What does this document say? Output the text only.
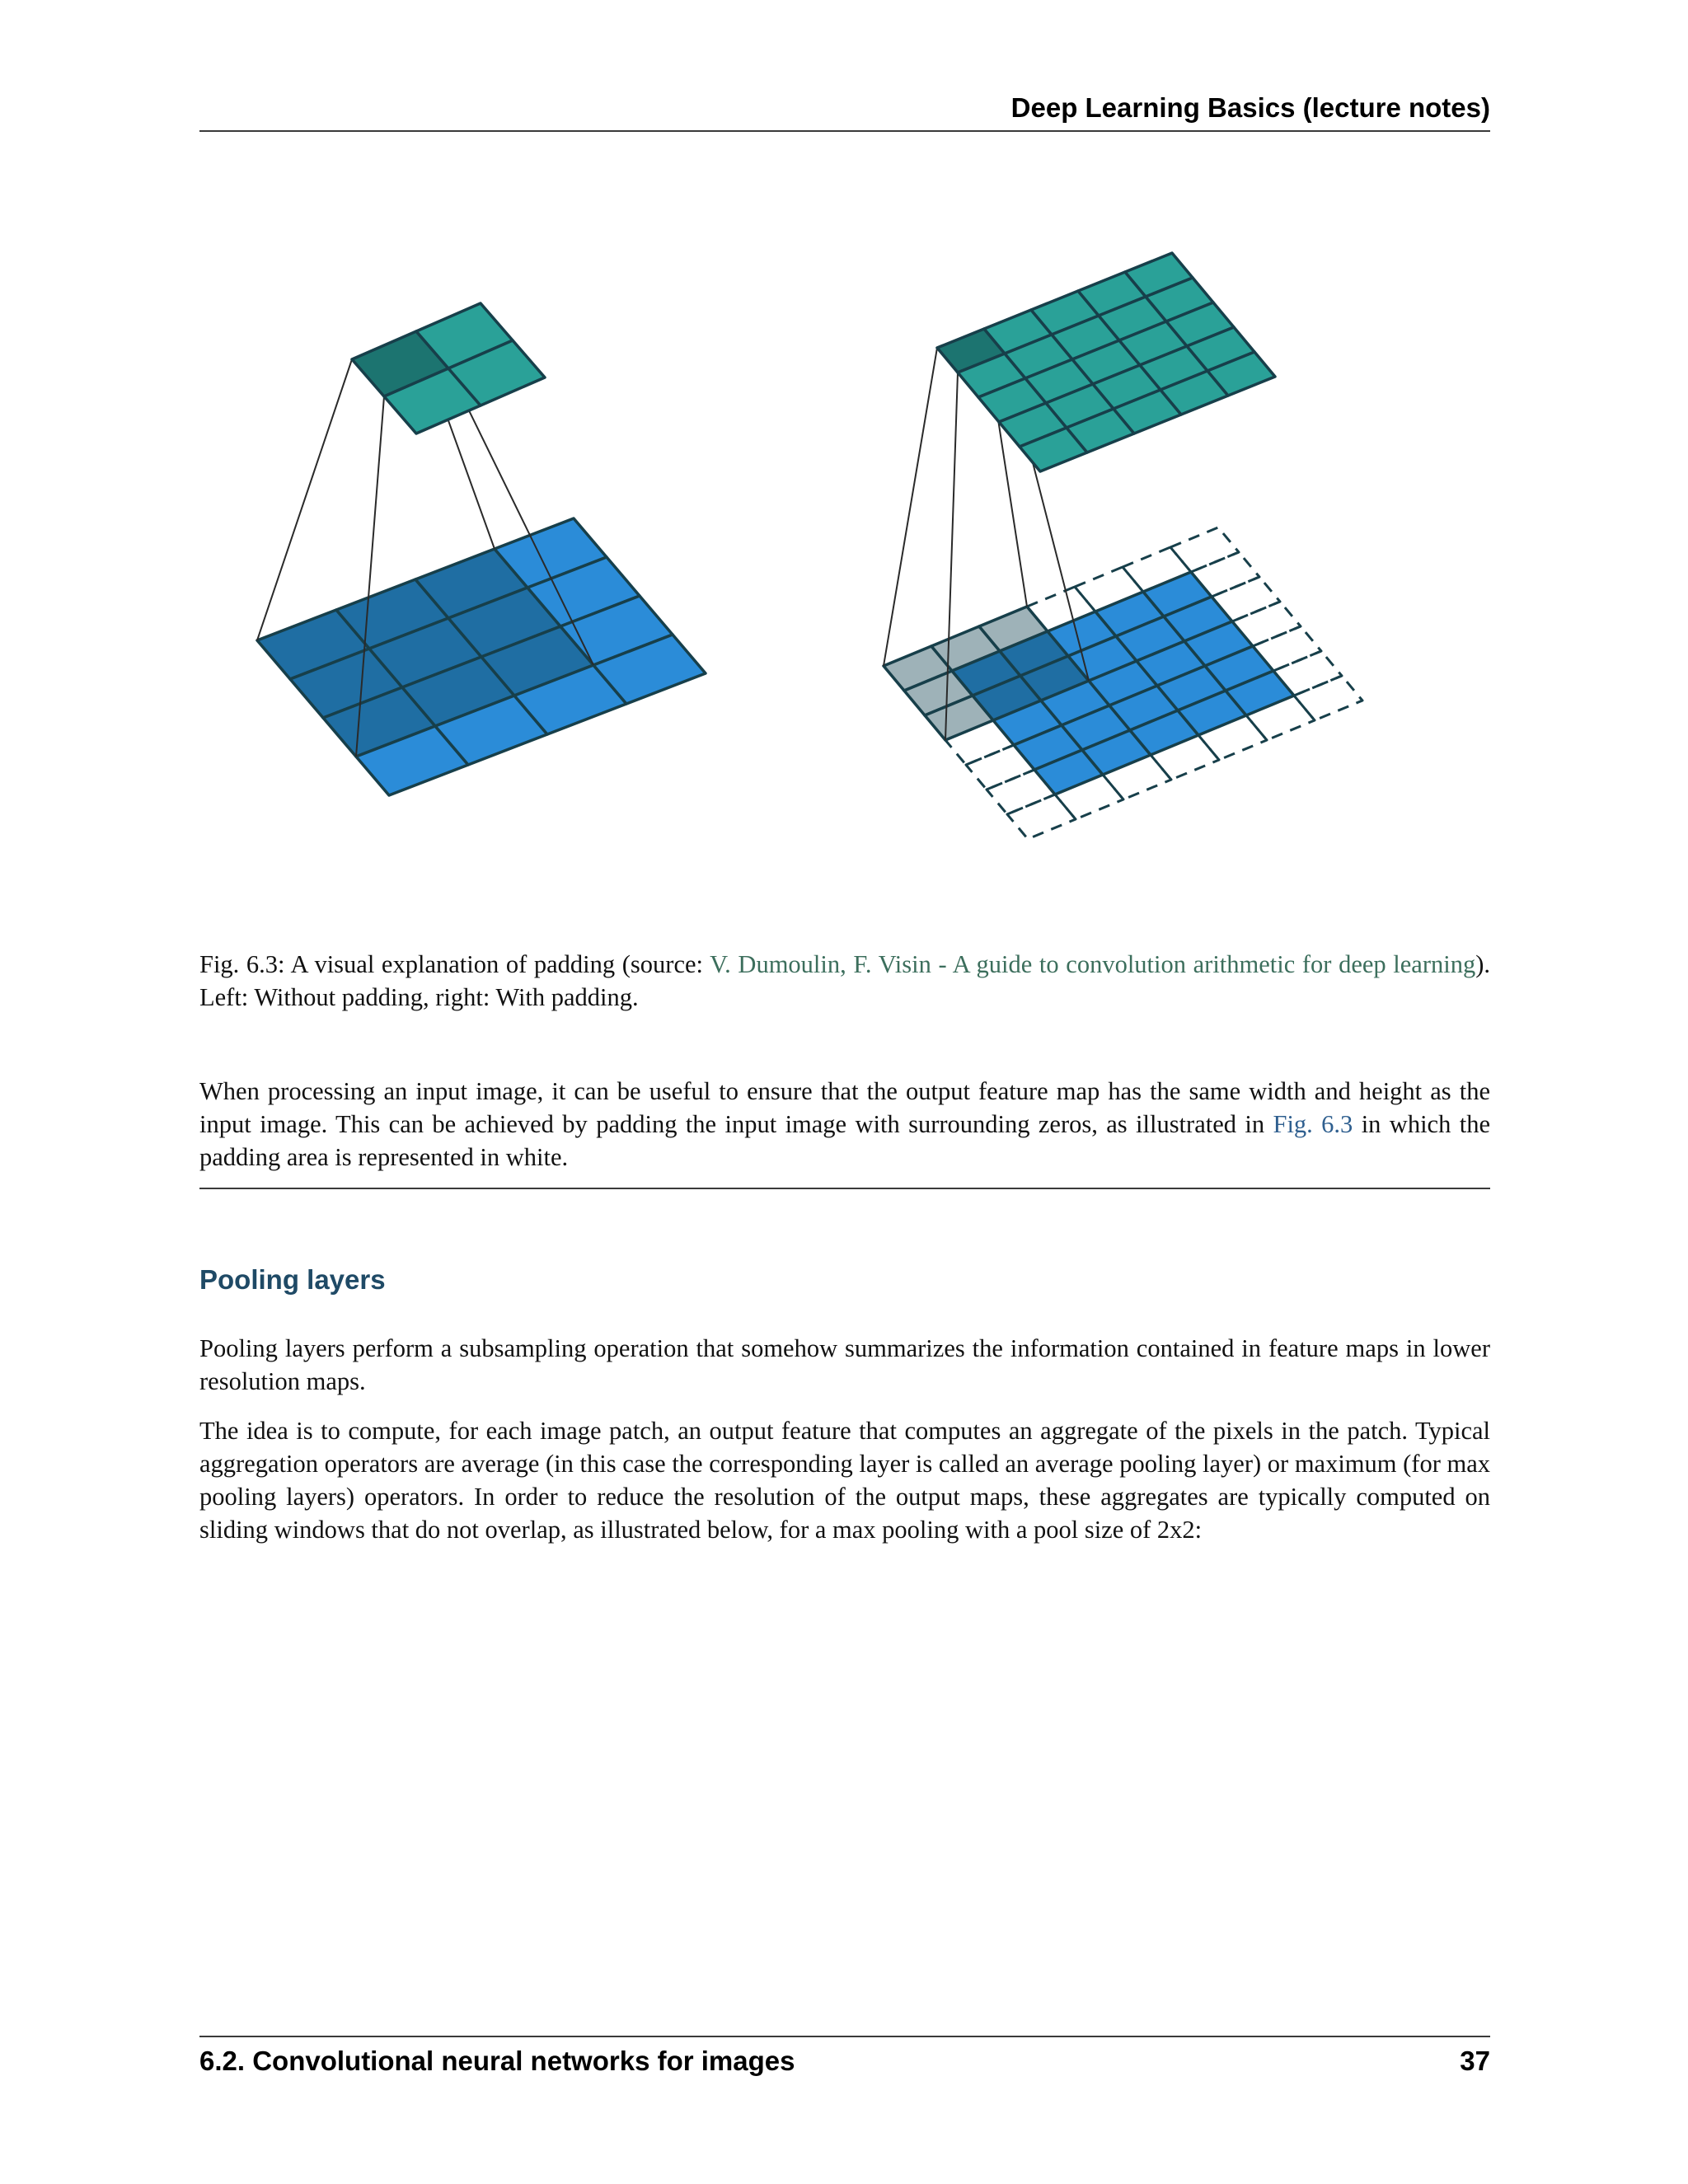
Deep Learning Basics (lecture notes)
Fig. 6.3: A visual explanation of padding (source: V. Dumoulin, F. Visin - A guide to convolution arithmetic for deep learning). Left: Without padding, right: With padding.
When processing an input image, it can be useful to ensure that the output feature map has the same width and height as the input image. This can be achieved by padding the input image with surrounding zeros, as illustrated in Fig. 6.3 in which the padding area is represented in white.
Pooling layers
Pooling layers perform a subsampling operation that somehow summarizes the information contained in feature maps in lower resolution maps.
The idea is to compute, for each image patch, an output feature that computes an aggregate of the pixels in the patch. Typical aggregation operators are average (in this case the corresponding layer is called an average pooling layer) or maximum (for max pooling layers) operators. In order to reduce the resolution of the output maps, these aggregates are typically computed on sliding windows that do not overlap, as illustrated below, for a max pooling with a pool size of 2x2:
6.2. Convolutional neural networks for images	37
